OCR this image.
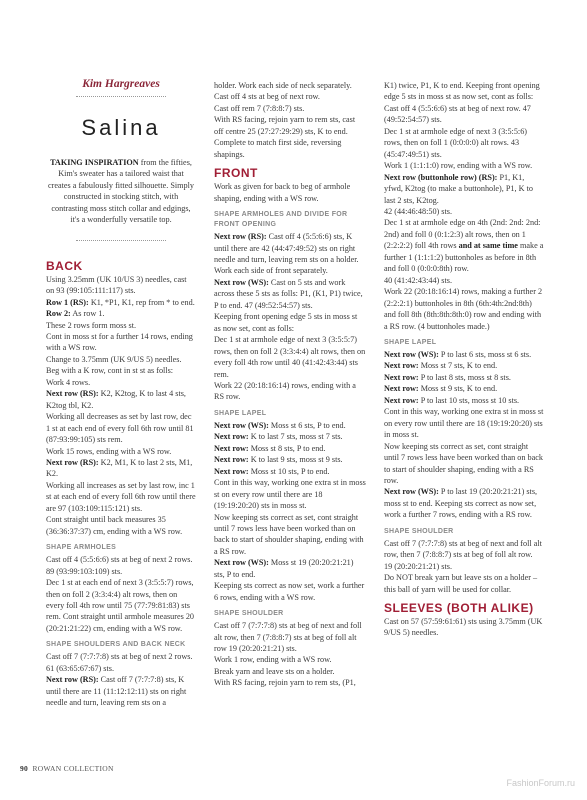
Kim Hargreaves
Salina
TAKING INSPIRATION from the fifties, Kim's sweater has a tailored waist that creates a fabulously fitted silhouette. Simply constructed in stocking stitch, with contrasting moss stitch collar and edgings, it's a wonderfully versatile top.
BACK

Using 3.25mm (UK 10/US 3) needles, cast on 93 (99:105:111:117) sts.

Row 1 (RS): K1, *P1, K1, rep from * to end.

Row 2: As row 1.

These 2 rows form moss st.

Cont in moss st for a further 14 rows, ending with a WS row.

Change to 3.75mm (UK 9/US 5) needles.

Beg with a K row, cont in st st as folls:

Work 4 rows.

Next row (RS): K2, K2tog, K to last 4 sts, K2tog tbl, K2.

Working all decreases as set by last row, dec 1 st at each end of every foll 6th row until 81 (87:93:99:105) sts rem.

Work 15 rows, ending with a WS row.

Next row (RS): K2, M1, K to last 2 sts, M1, K2.

Working all increases as set by last row, inc 1 st at each end of every foll 6th row until there are 97 (103:109:115:121) sts.

Cont straight until back measures 35 (36:36:37:37) cm, ending with a WS row.

SHAPE ARMHOLES

Cast off 4 (5:5:6:6) sts at beg of next 2 rows. 89 (93:99:103:109) sts.

Dec 1 st at each end of next 3 (3:5:5:7) rows, then on foll 2 (3:3:4:4) alt rows, then on every foll 4th row until 75 (77:79:81:83) sts rem. Cont straight until armhole measures 20 (20:21:21:22) cm, ending with a WS row.

SHAPE SHOULDERS AND BACK NECK

Cast off 7 (7:7:7:8) sts at beg of next 2 rows. 61 (63:65:67:67) sts.

Next row (RS): Cast off 7 (7:7:7:8) sts, K until there are 11 (11:12:12:11) sts on right needle and turn, leaving rem sts on a

holder. Work each side of neck separately.

Cast off 4 sts at beg of next row.

Cast off rem 7 (7:8:8:7) sts.

With RS facing, rejoin yarn to rem sts, cast off centre 25 (27:27:29:29) sts, K to end.

Complete to match first side, reversing shapings.

FRONT

Work as given for back to beg of armhole shaping, ending with a WS row.

SHAPE ARMHOLES AND DIVIDE FOR FRONT OPENING

Next row (RS): Cast off 4 (5:5:6:6) sts, K until there are 42 (44:47:49:52) sts on right needle and turn, leaving rem sts on a holder.

Work each side of front separately.

Next row (WS): Cast on 5 sts and work across these 5 sts as folls: P1, (K1, P1) twice, P to end. 47 (49:52:54:57) sts.

Keeping front opening edge 5 sts in moss st as now set, cont as folls:

Dec 1 st at armhole edge of next 3 (3:5:5:7) rows, then on foll 2 (3:3:4:4) alt rows, then on every foll 4th row until 40 (41:42:43:44) sts rem.

Work 22 (20:18:16:14) rows, ending with a RS row.

SHAPE LAPEL

Next row (WS): Moss st 6 sts, P to end.

Next row: K to last 7 sts, moss st 7 sts.

Next row: Moss st 8 sts, P to end.

Next row: K to last 9 sts, moss st 9 sts.

Next row: Moss st 10 sts, P to end.

Cont in this way, working one extra st in moss st on every row until there are 18 (19:19:20:20) sts in moss st.

Now keeping sts correct as set, cont straight until 7 rows less have been worked than on back to start of shoulder shaping, ending with a RS row.

Next row (WS): Moss st 19 (20:20:21:21) sts, P to end.

Keeping sts correct as now set, work a further 6 rows, ending with a WS row.

SHAPE SHOULDER

Cast off 7 (7:7:7:8) sts at beg of next and foll alt row, then 7 (7:8:8:7) sts at beg of foll alt row 19 (20:20:21:21) sts.

Work 1 row, ending with a WS row.

Break yarn and leave sts on a holder.

With RS facing, rejoin yarn to rem sts, (P1,

K1) twice, P1, K to end. Keeping front opening edge 5 sts in moss st as now set, cont as folls:

Cast off 4 (5:5:6:6) sts at beg of next row. 47 (49:52:54:57) sts.

Dec 1 st at armhole edge of next 3 (3:5:5:6) rows, then on foll 1 (0:0:0:0) alt rows. 43 (45:47:49:51) sts.

Work 1 (1:1:1:0) row, ending with a WS row.

Next row (buttonhole row) (RS): P1, K1, yfwd, K2tog (to make a buttonhole), P1, K to last 2 sts, K2tog.

42 (44:46:48:50) sts.

Dec 1 st at armhole edge on 4th (2nd: 2nd: 2nd: 2nd) and foll 0 (0:1:2:3) alt rows, then on 1 (2:2:2:2) foll 4th rows and at same time make a further 1 (1:1:1:2) buttonholes as before in 8th and foll 0 (0:0:0:8th) row.

40 (41:42:43:44) sts.

Work 22 (20:18:16:14) rows, making a further 2 (2:2:2:1) buttonholes in 8th (6th:4th:2nd:8th) and foll 8th (8th:8th:8th:0) row and ending with a RS row. (4 buttonholes made.)

SHAPE LAPEL

Next row (WS): P to last 6 sts, moss st 6 sts.

Next row: Moss st 7 sts, K to end.

Next row: P to last 8 sts, moss st 8 sts.

Next row: Moss st 9 sts, K to end.

Next row: P to last 10 sts, moss st 10 sts.

Cont in this way, working one extra st in moss st on every row until there are 18 (19:19:20:20) sts in moss st.

Now keeping sts correct as set, cont straight until 7 rows less have been worked than on back to start of shoulder shaping, ending with a RS row.

Next row (WS): P to last 19 (20:20:21:21) sts, moss st to end. Keeping sts correct as now set, work a further 7 rows, ending with a RS row.

SHAPE SHOULDER

Cast off 7 (7:7:7:8) sts at beg of next and foll alt row, then 7 (7:8:8:7) sts at beg of foll alt row.

19 (20:20:21:21) sts.

Do NOT break yarn but leave sts on a holder – this ball of yarn will be used for collar.

SLEEVES (BOTH ALIKE)

Cast on 57 (57:59:61:61) sts using 3.75mm (UK 9/US 5) needles.

90 ROWAN COLLECTION
FashionForum.ru
